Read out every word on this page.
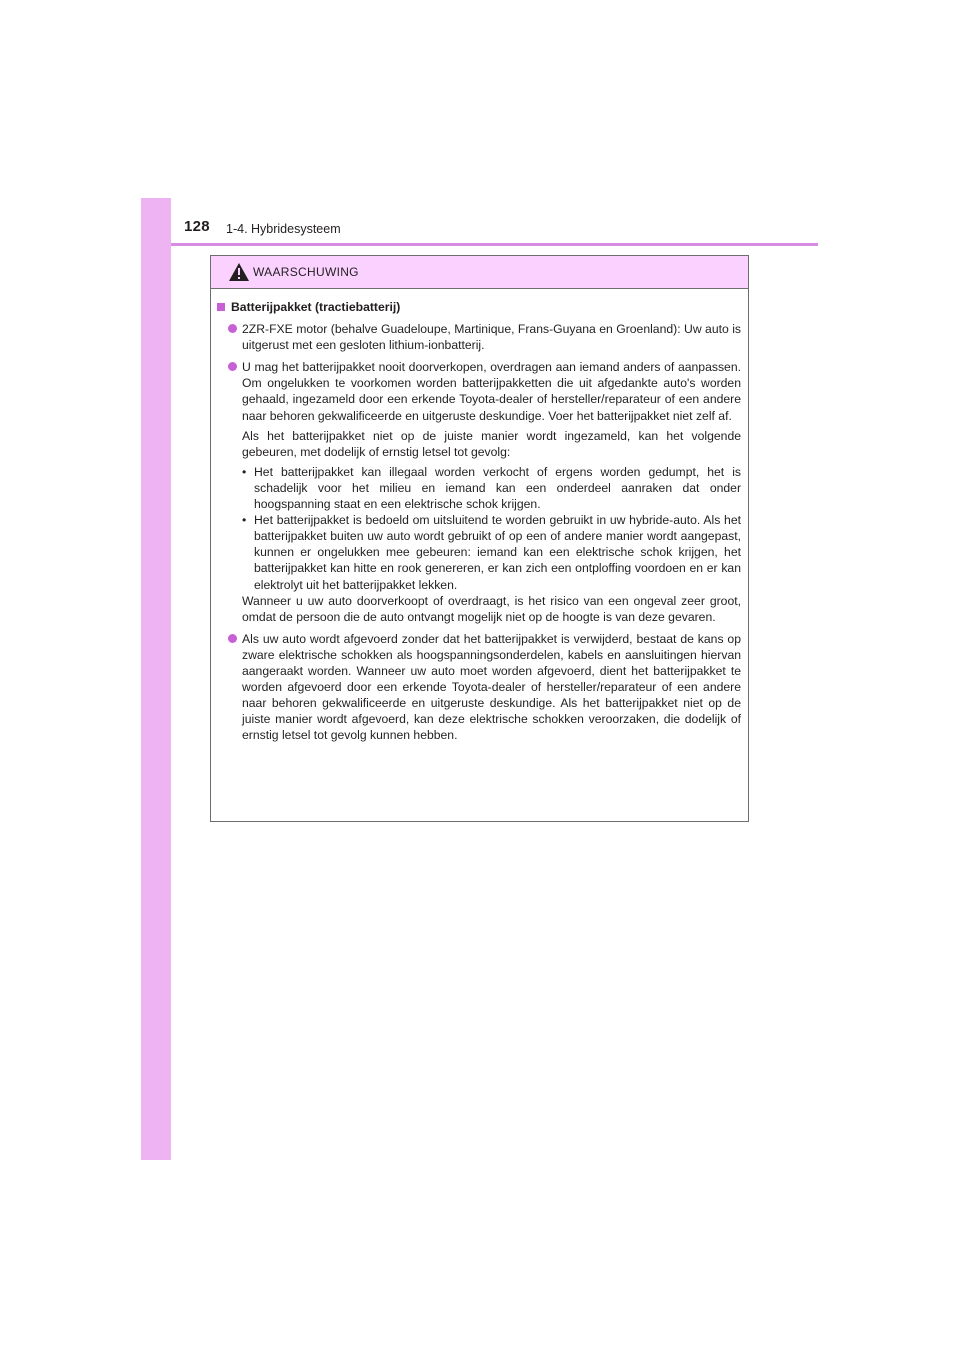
128 1-4. Hybridesysteem
WAARSCHUWING
Batterijpakket (tractiebatterij)
2ZR-FXE motor (behalve Guadeloupe, Martinique, Frans-Guyana en Groenland): Uw auto is uitgerust met een gesloten lithium-ionbatterij.
U mag het batterijpakket nooit doorverkopen, overdragen aan iemand anders of aanpassen. Om ongelukken te voorkomen worden batterijpakketten die uit afgedankte auto's worden gehaald, ingezameld door een erkende Toyota-dealer of hersteller/reparateur of een andere naar behoren gekwalificeerde en uitgeruste deskundige. Voer het batterijpakket niet zelf af.
Als het batterijpakket niet op de juiste manier wordt ingezameld, kan het volgende gebeuren, met dodelijk of ernstig letsel tot gevolg:
• Het batterijpakket kan illegaal worden verkocht of ergens worden gedumpt, het is schadelijk voor het milieu en iemand kan een onderdeel aanraken dat onder hoogspanning staat en een elektrische schok krijgen.
• Het batterijpakket is bedoeld om uitsluitend te worden gebruikt in uw hybride-auto. Als het batterijpakket buiten uw auto wordt gebruikt of op een of andere manier wordt aangepast, kunnen er ongelukken mee gebeuren: iemand kan een elektrische schok krijgen, het batterijpakket kan hitte en rook genereren, er kan zich een ontploffing voordoen en er kan elektrolyt uit het batterijpakket lekken.
Wanneer u uw auto doorverkoopt of overdraagt, is het risico van een ongeval zeer groot, omdat de persoon die de auto ontvangt mogelijk niet op de hoogte is van deze gevaren.
Als uw auto wordt afgevoerd zonder dat het batterijpakket is verwijderd, bestaat de kans op zware elektrische schokken als hoogspanningsonderdelen, kabels en aansluitingen hiervan aangeraakt worden. Wanneer uw auto moet worden afgevoerd, dient het batterijpakket te worden afgevoerd door een erkende Toyota-dealer of hersteller/reparateur of een andere naar behoren gekwalificeerde en uitgeruste deskundige. Als het batterijpakket niet op de juiste manier wordt afgevoerd, kan deze elektrische schokken veroorzaken, die dodelijk of ernstig letsel tot gevolg kunnen hebben.
